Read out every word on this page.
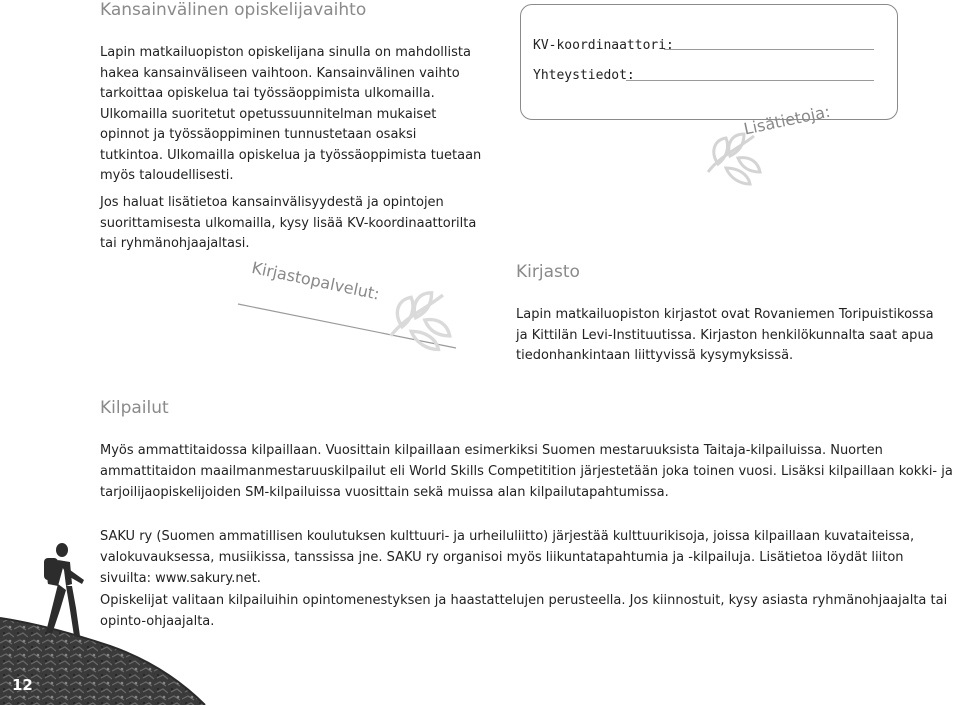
Kansainvälinen opiskelijavaihto

Lapin matkailuopiston opiskelijana sinulla on mahdollista hakea kansainväliseen vaihtoon. Kansainvälinen vaihto tarkoittaa opiskelua tai työssäoppimista ulkomailla. Ulkomailla suoritetut opetussuunnitelman mukaiset opinnot ja työssäoppiminen tunnustetaan osaksi tutkintoa. Ulkomailla opiskelua ja työssäoppimista tuetaan myös taloudellisesti.

Jos haluat lisätietoa kansainvälisyydestä ja opintojen suorittamisesta ulkomailla, kysy lisää KV-koordinaattorilta tai ryhmänohjaajaltasi.

KV-koordinaattori:
Yhteystiedot:
Lisätietoja:
Kirjastopalvelut:	Kirjasto

Lapin matkailuopiston kirjastot ovat Rovaniemen Toripuistikossa ja Kittilän Levi-Instituutissa. Kirjaston henkilökunnalta saat apua tiedonhankintaan liittyvissä kysymyksissä.

Kilpailut

Myös ammattitaidossa kilpaillaan. Vuosittain kilpaillaan esimerkiksi Suomen mestaruuksista Taitaja-kilpailuissa. Nuorten ammattitaidon maailmanmestaruuskilpailut eli World Skills Competitition järjestetään joka toinen vuosi. Lisäksi kilpaillaan kokki- ja tarjoilijaopiskelijoiden SM-kilpailuissa vuosittain sekä muissa alan kilpailutapahtumissa.

SAKU ry (Suomen ammatillisen koulutuksen kulttuuri- ja urheiluliitto) järjestää kulttuurikisoja, joissa kilpaillaan kuvataiteissa, valokuvauksessa, musiikissa, tanssissa jne. SAKU ry organisoi myös liikuntatapahtumia ja -kilpailuja. Lisätietoa löydät liiton sivuilta: www.sakury.net.

Opiskelijat valitaan kilpailuihin opintomenestyksen ja haastattelujen perusteella. Jos kiinnostuit, kysy asiasta ryhmänohjaajalta tai opinto-ohjaajalta.

12
